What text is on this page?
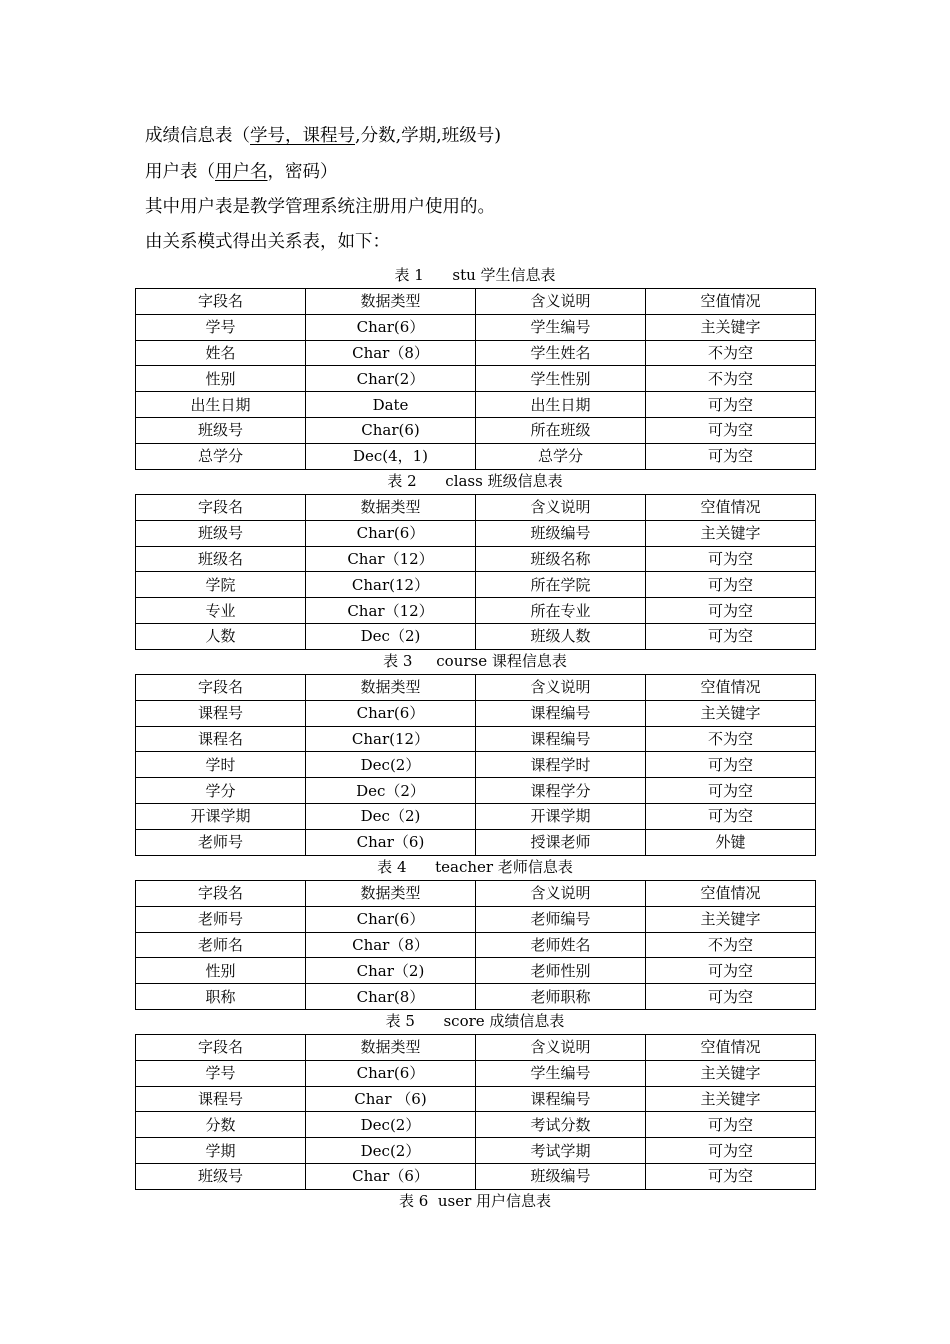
成绩信息表（学号，课程号,分数,学期,班级号)
用户表（用户名，密码）
其中用户表是教学管理系统注册用户使用的。
由关系模式得出关系表，如下：
表 1      stu 学生信息表
字段名	数据类型	含义说明	空值情况
学号	Char(6）	学生编号	主关键字
姓名	Char（8）	学生姓名	不为空
性别	Char(2）	学生性别	不为空
出生日期	Date	出生日期	可为空
班级号	Char(6)	所在班级	可为空
总学分	Dec(4，1)	总学分	可为空
表 2      class 班级信息表
字段名	数据类型	含义说明	空值情况
班级号	Char(6）	班级编号	主关键字
班级名	Char（12）	班级名称	可为空
学院	Char(12）	所在学院	可为空
专业	Char（12）	所在专业	可为空
人数	Dec（2)	班级人数	可为空
表 3     course 课程信息表
字段名	数据类型	含义说明	空值情况
课程号	Char(6）	课程编号	主关键字
课程名	Char(12）	课程编号	不为空
学时	Dec(2）	课程学时	可为空
学分	Dec（2）	课程学分	可为空
开课学期	Dec（2)	开课学期	可为空
老师号	Char（6)	授课老师	外键
表 4      teacher 老师信息表
字段名	数据类型	含义说明	空值情况
老师号	Char(6）	老师编号	主关键字
老师名	Char（8）	老师姓名	不为空
性别	Char（2)	老师性别	可为空
职称	Char(8）	老师职称	可为空
表 5      score 成绩信息表
字段名	数据类型	含义说明	空值情况
学号	Char(6）	学生编号	主关键字
课程号	Char （6)	课程编号	主关键字
分数	Dec(2）	考试分数	可为空
学期	Dec(2）	考试学期	可为空
班级号	Char（6）	班级编号	可为空
表 6  user 用户信息表
